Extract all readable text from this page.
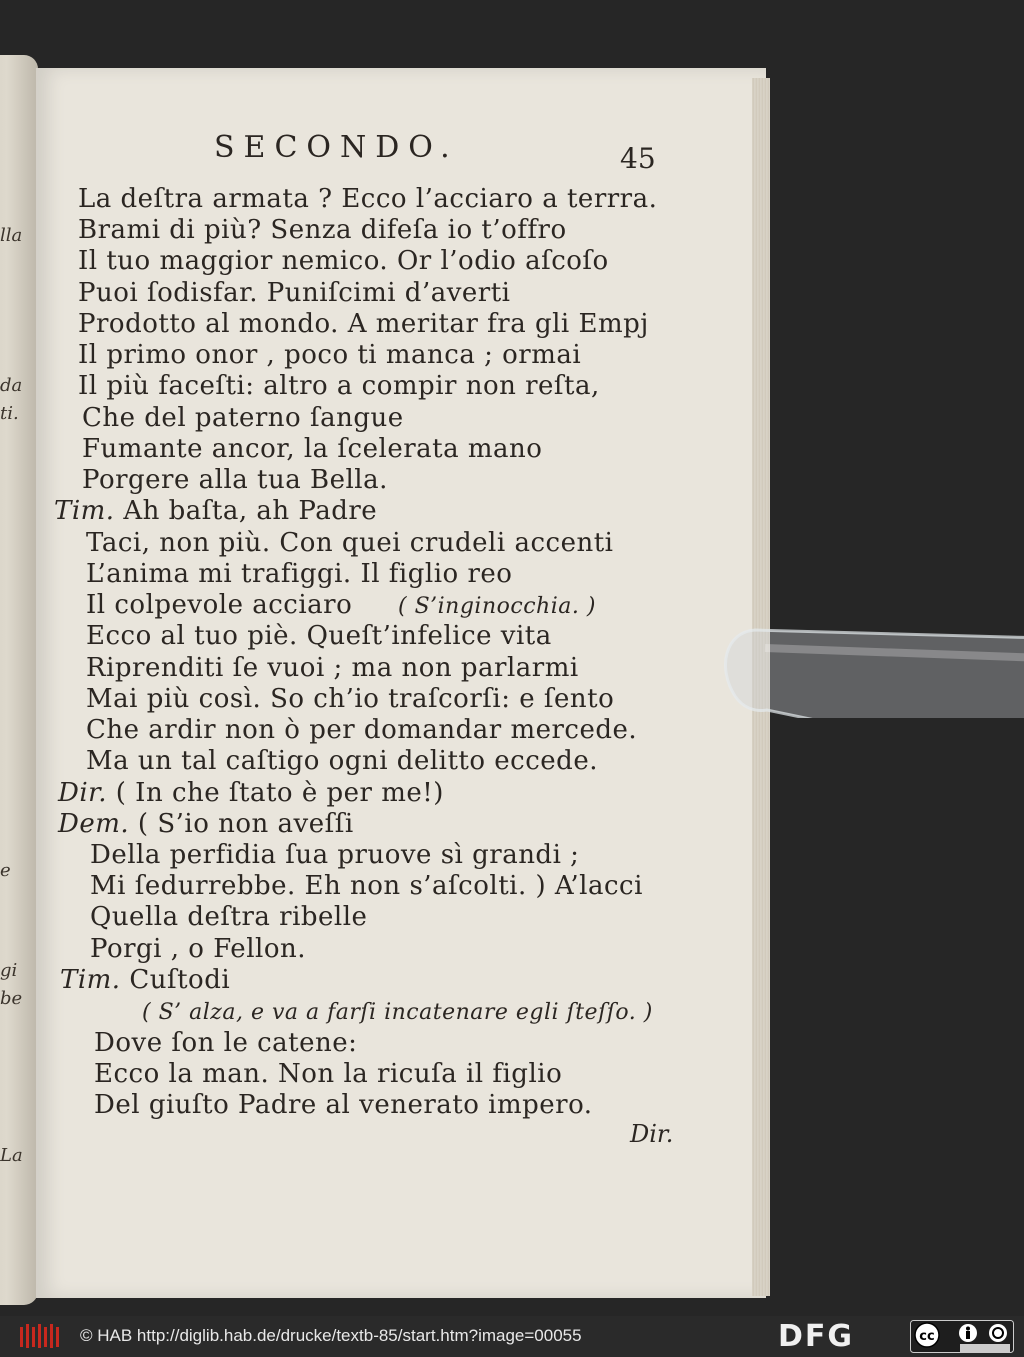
lla
da
ti.
e
gi
be
La
SECONDO.	45
La deſtra armata ? Ecco l’acciaro a terrra.
Brami di più? Senza difeſa io t’offro
Il tuo maggior nemico. Or l’odio aſcoſo
Puoi ſodisfar. Puniſcimi d’averti
Prodotto al mondo. A meritar fra gli Empj
Il primo onor , poco ti manca ; ormai
Il più faceſti: altro a compir non reſta,
Che del paterno ſangue
Fumante ancor, la ſcelerata mano
Porgere alla tua Bella.
Tim. Ah baſta, ah Padre
Taci, non più. Con quei crudeli accenti
L’anima mi trafiggi. Il figlio reo
Il colpevole acciaro ( S’inginocchia. )
Ecco al tuo piè. Queſt’infelice vita
Riprenditi ſe vuoi ; ma non parlarmi
Mai più così. So ch’io traſcorſi: e ſento
Che ardir non ò per domandar mercede.
Ma un tal caſtigo ogni delitto eccede.
Dir. ( In che ſtato è per me!)
Dem. ( S’io non aveſſi
Della perfidia ſua pruove sì grandi ;
Mi ſedurrebbe. Eh non s’aſcolti. ) A’lacci
Quella deſtra ribelle
Porgi , o Fellon.
Tim. Cuſtodi
( S’ alza, e va a farſi incatenare egli ſteſſo. )
Dove ſon le catene:
Ecco la man. Non la ricuſa il figlio
Del giuſto Padre al venerato impero.
Dir.
© HAB http://diglib.hab.de/drucke/textb-85/start.htm?image=00055	DFG	cc
